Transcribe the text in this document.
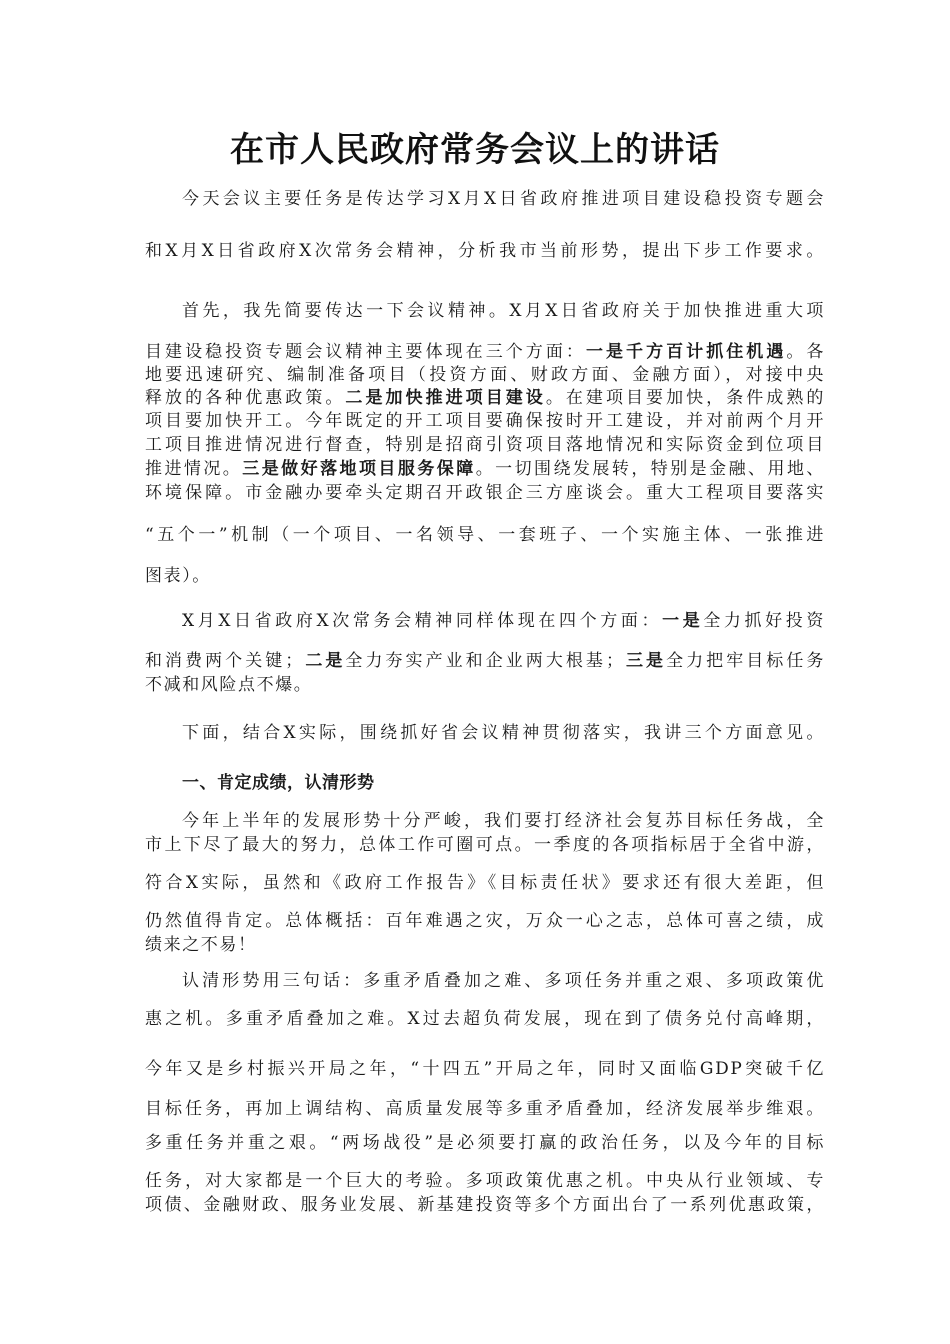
在市人民政府常务会议上的讲话
今天会议主要任务是传达学习X月X日省政府推进项目建设稳投资专题会
和X月X日省政府X次常务会精神，分析我市当前形势，提出下步工作要求。
首先，我先简要传达一下会议精神。X月X日省政府关于加快推进重大项
目建设稳投资专题会议精神主要体现在三个方面：一是千方百计抓住机遇。各
地要迅速研究、编制准备项目（投资方面、财政方面、金融方面），对接中央
释放的各种优惠政策。二是加快推进项目建设。在建项目要加快，条件成熟的
项目要加快开工。今年既定的开工项目要确保按时开工建设，并对前两个月开
工项目推进情况进行督查，特别是招商引资项目落地情况和实际资金到位项目
推进情况。三是做好落地项目服务保障。一切围绕发展转，特别是金融、用地、
环境保障。市金融办要牵头定期召开政银企三方座谈会。重大工程项目要落实
“五个一”机制（一个项目、一名领导、一套班子、一个实施主体、一张推进
图表）。
X月X日省政府X次常务会精神同样体现在四个方面：一是全力抓好投资
和消费两个关键；二是全力夯实产业和企业两大根基；三是全力把牢目标任务
不减和风险点不爆。
下面，结合X实际，围绕抓好省会议精神贯彻落实，我讲三个方面意见。
一、肯定成绩，认清形势
今年上半年的发展形势十分严峻，我们要打经济社会复苏目标任务战，全
市上下尽了最大的努力，总体工作可圈可点。一季度的各项指标居于全省中游，
符合X实际，虽然和《政府工作报告》《目标责任状》要求还有很大差距，但
仍然值得肯定。总体概括：百年难遇之灾，万众一心之志，总体可喜之绩，成
绩来之不易！
认清形势用三句话：多重矛盾叠加之难、多项任务并重之艰、多项政策优
惠之机。多重矛盾叠加之难。X过去超负荷发展，现在到了债务兑付高峰期，
今年又是乡村振兴开局之年，“十四五”开局之年，同时又面临GDP突破千亿
目标任务，再加上调结构、高质量发展等多重矛盾叠加，经济发展举步维艰。
多重任务并重之艰。“两场战役”是必须要打赢的政治任务，以及今年的目标
任务，对大家都是一个巨大的考验。多项政策优惠之机。中央从行业领域、专
项债、金融财政、服务业发展、新基建投资等多个方面出台了一系列优惠政策，
